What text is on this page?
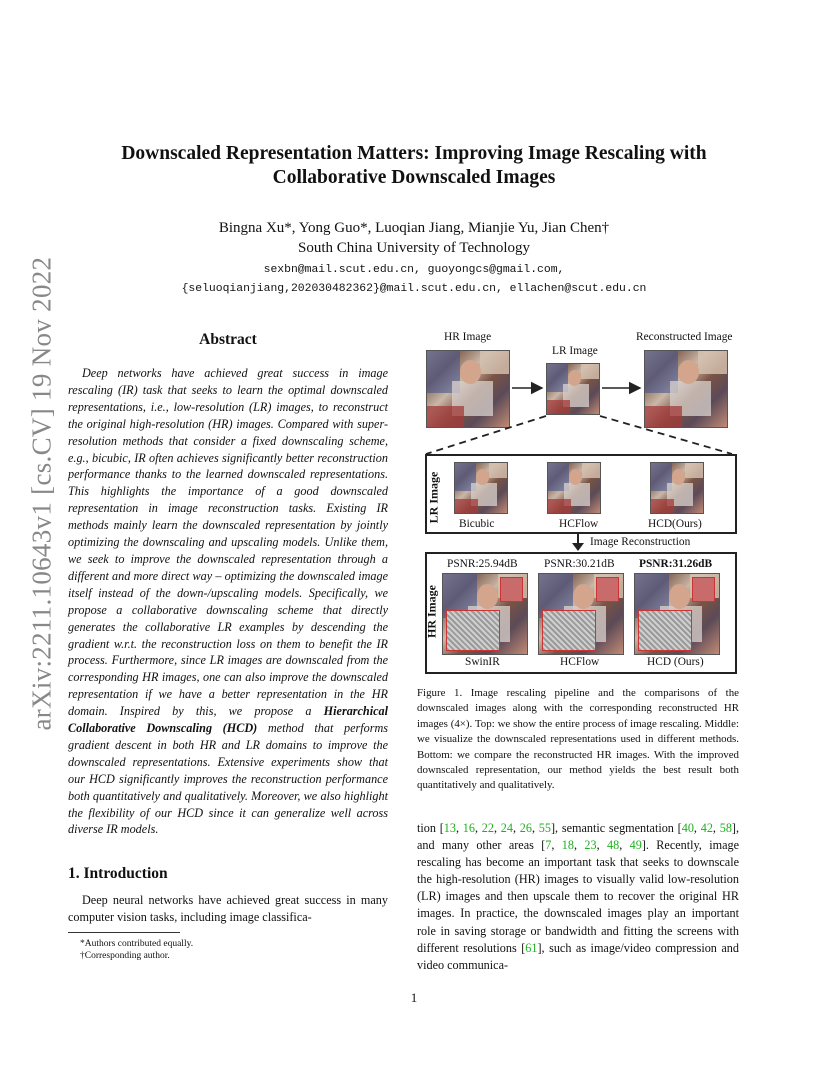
arXiv:2211.10643v1 [cs.CV] 19 Nov 2022
Downscaled Representation Matters: Improving Image Rescaling with
Collaborative Downscaled Images
Bingna Xu*, Yong Guo*, Luoqian Jiang, Mianjie Yu, Jian Chen†
South China University of Technology
sexbn@mail.scut.edu.cn, guoyongcs@gmail.com,
{seluoqianjiang,202030482362}@mail.scut.edu.cn, ellachen@scut.edu.cn
Abstract
Deep networks have achieved great success in image rescaling (IR) task that seeks to learn the optimal downscaled representations, i.e., low-resolution (LR) images, to reconstruct the original high-resolution (HR) images. Compared with super-resolution methods that consider a fixed downscaling scheme, e.g., bicubic, IR often achieves significantly better reconstruction performance thanks to the learned downscaled representations. This highlights the importance of a good downscaled representation in image reconstruction tasks. Existing IR methods mainly learn the downscaled representation by jointly optimizing the downscaling and upscaling models. Unlike them, we seek to improve the downscaled representation through a different and more direct way – optimizing the downscaled image itself instead of the down-/upscaling models. Specifically, we propose a collaborative downscaling scheme that directly generates the collaborative LR examples by descending the gradient w.r.t. the reconstruction loss on them to benefit the IR process. Furthermore, since LR images are downscaled from the corresponding HR images, one can also improve the downscaled representation if we have a better representation in the HR domain. Inspired by this, we propose a Hierarchical Collaborative Downscaling (HCD) method that performs gradient descent in both HR and LR domains to improve the downscaled representations. Extensive experiments show that our HCD significantly improves the reconstruction performance both quantitatively and qualitatively. Moreover, we also highlight the flexibility of our HCD since it can generalize well across diverse IR models.
1. Introduction
Deep neural networks have achieved great success in many computer vision tasks, including image classifica-
*Authors contributed equally.
†Corresponding author.
HR Image
LR Image
Reconstructed Image
LR Image
Bicubic	HCFlow	HCD(Ours)
Image Reconstruction
HR Image
PSNR:25.94dB PSNR:30.21dB PSNR:31.26dB
SwinIR	HCFlow	HCD (Ours)
Figure 1. Image rescaling pipeline and the comparisons of the downscaled images along with the corresponding reconstructed HR images (4×). Top: we show the entire process of image rescaling. Middle: we visualize the downscaled representations used in different methods. Bottom: we compare the reconstructed HR images. With the improved downscaled representation, our method yields the best result both quantitatively and qualitatively.
tion [13, 16, 22, 24, 26, 55], semantic segmentation [40, 42, 58], and many other areas [7, 18, 23, 48, 49]. Recently, image rescaling has become an important task that seeks to downscale the high-resolution (HR) images to visually valid low-resolution (LR) images and then upscale them to recover the original HR images. In practice, the downscaled images play an important role in saving storage or bandwidth and fitting the screens with different resolutions [61], such as image/video compression and video communica-
1
